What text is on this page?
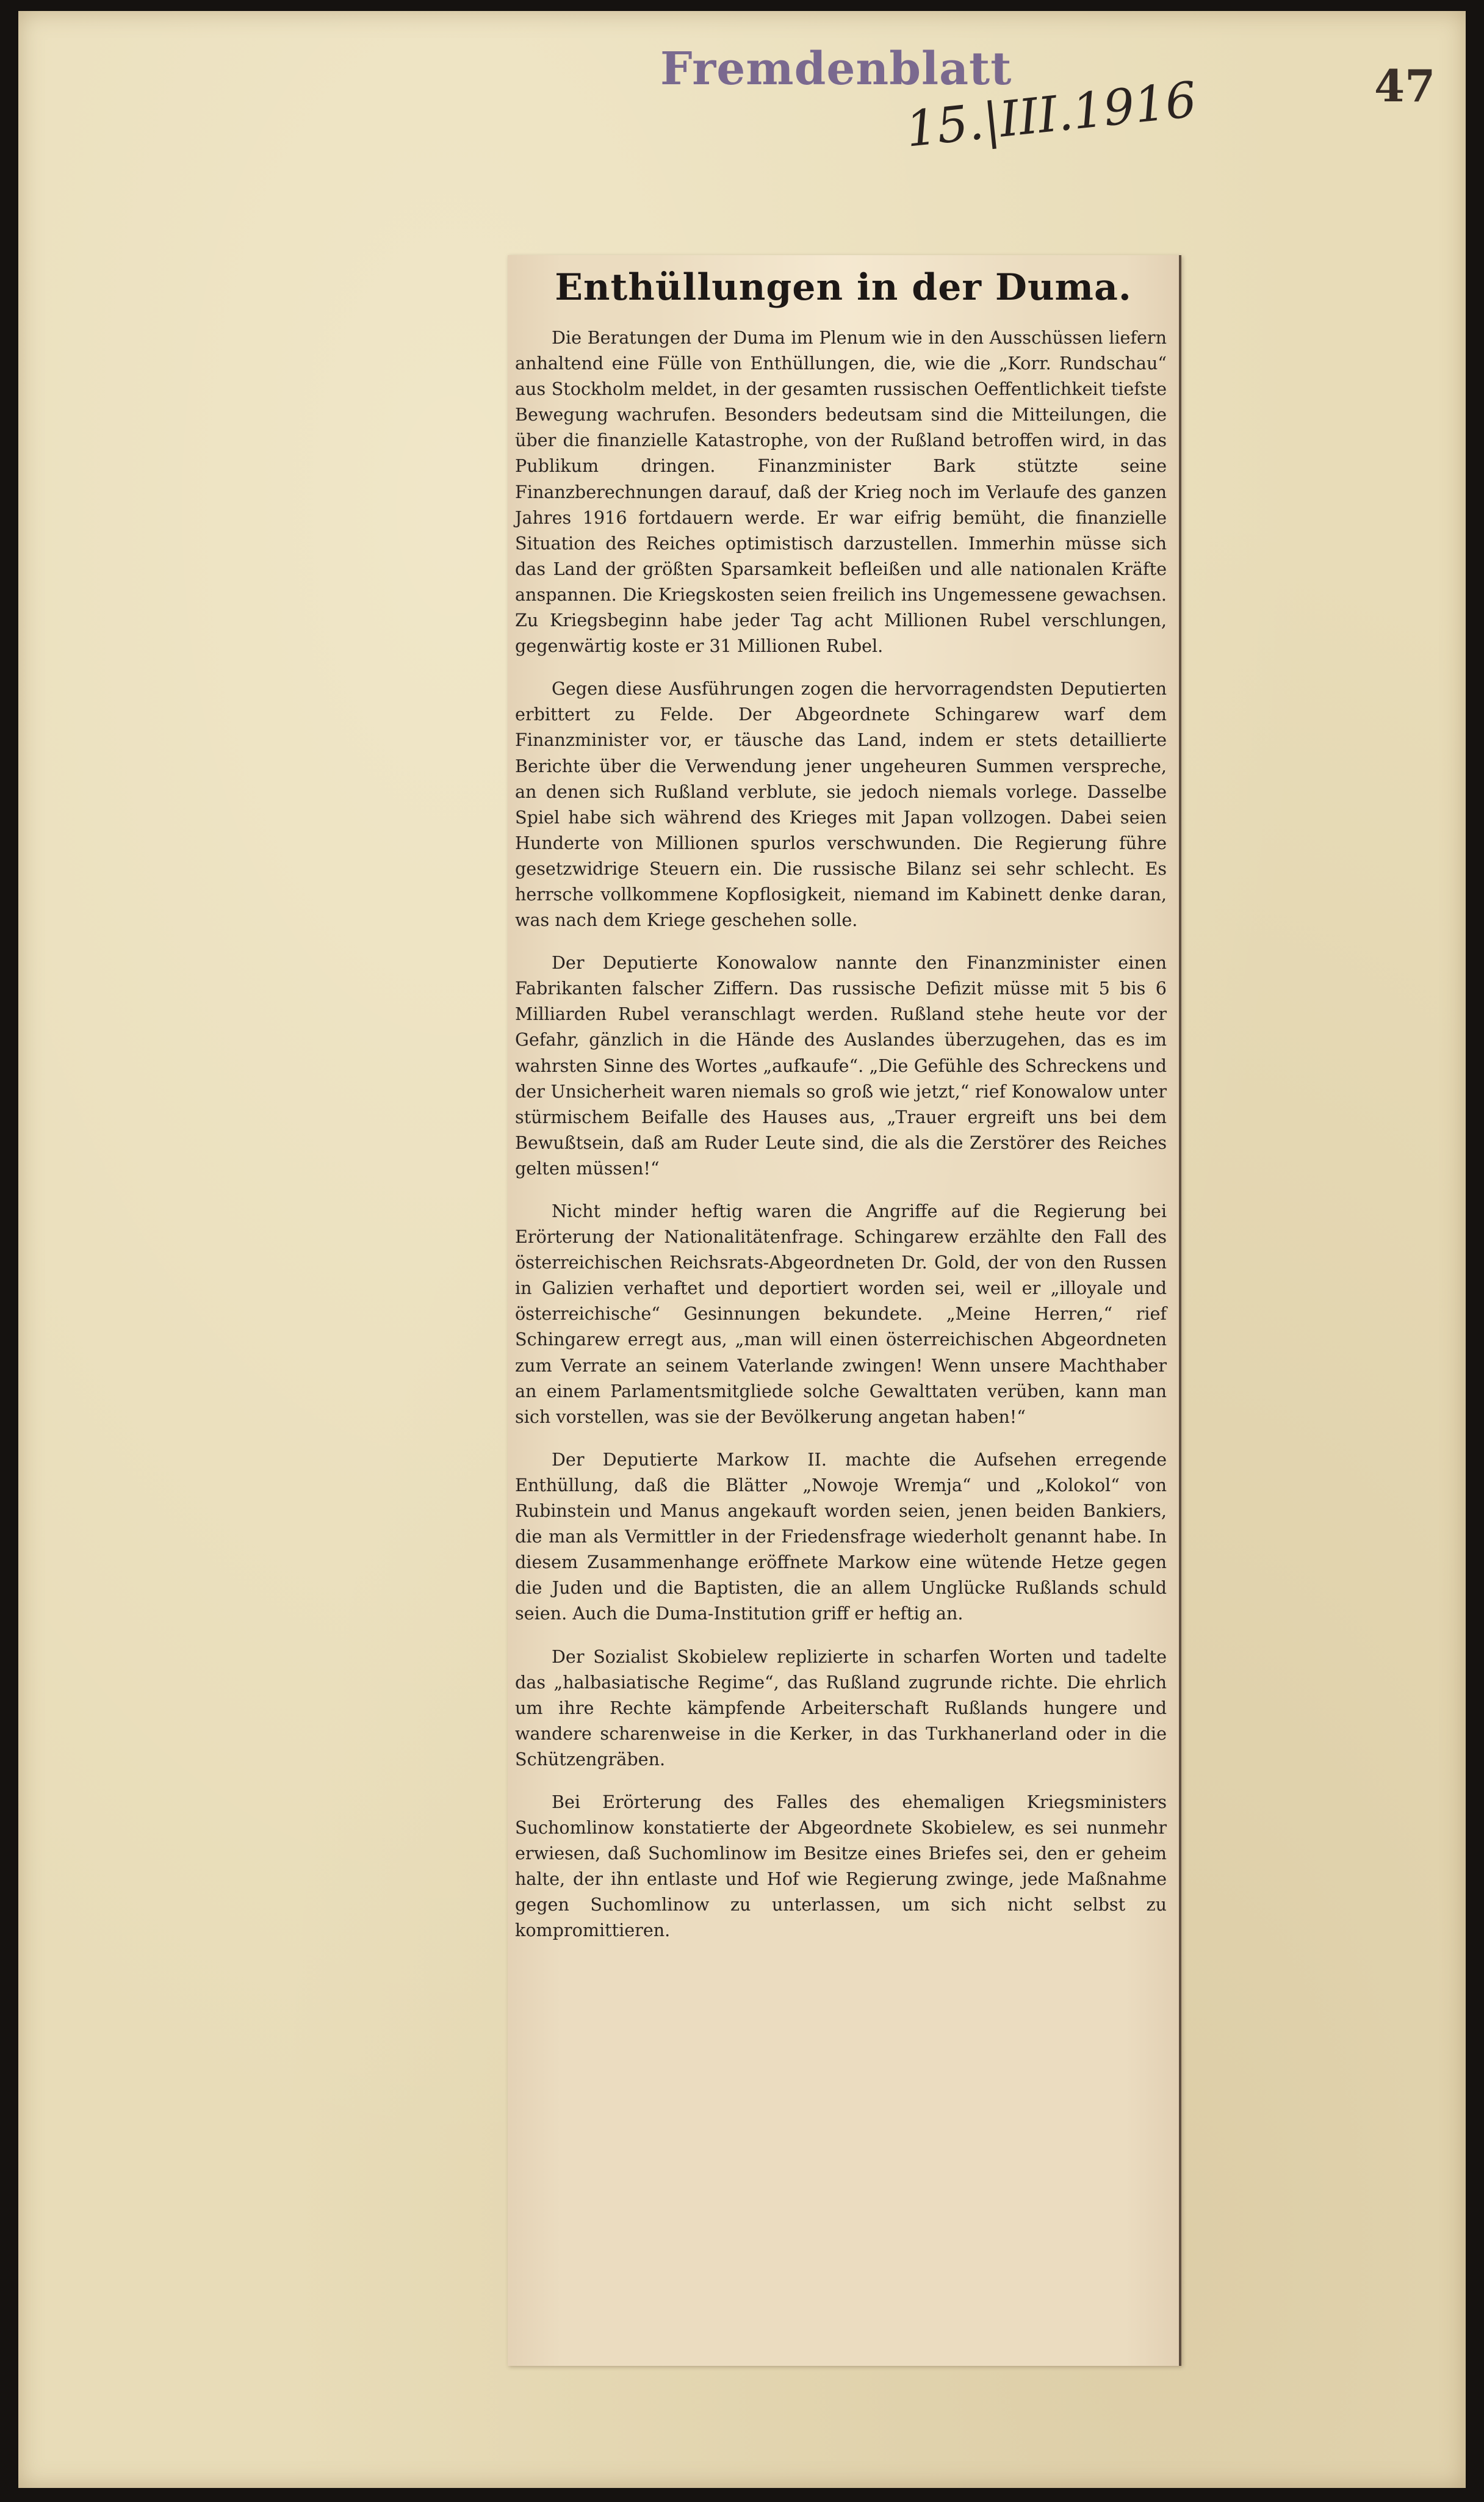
Fremdenblatt	47
15.|III.1916
Enthüllungen in der Duma.

Die Beratungen der Duma im Plenum wie in den Ausschüssen liefern anhaltend eine Fülle von Enthüllungen, die, wie die „Korr. Rundschau“ aus Stockholm meldet, in der gesamten russischen Oeffentlichkeit tiefste Bewegung wachrufen. Besonders bedeutsam sind die Mitteilungen, die über die finanzielle Katastrophe, von der Rußland betroffen wird, in das Publikum dringen. Finanzminister Bark stützte seine Finanzberechnungen darauf, daß der Krieg noch im Verlaufe des ganzen Jahres 1916 fortdauern werde. Er war eifrig bemüht, die finanzielle Situation des Reiches optimistisch darzustellen. Immerhin müsse sich das Land der größten Sparsamkeit befleißen und alle nationalen Kräfte anspannen. Die Kriegskosten seien freilich ins Ungemessene gewachsen. Zu Kriegsbeginn habe jeder Tag acht Millionen Rubel verschlungen, gegenwärtig koste er 31 Millionen Rubel.

Gegen diese Ausführungen zogen die hervorragendsten Deputierten erbittert zu Felde. Der Abgeordnete Schingarew warf dem Finanzminister vor, er täusche das Land, indem er stets detaillierte Berichte über die Verwendung jener ungeheuren Summen verspreche, an denen sich Rußland verblute, sie jedoch niemals vorlege. Dasselbe Spiel habe sich während des Krieges mit Japan vollzogen. Dabei seien Hunderte von Millionen spurlos verschwunden. Die Regierung führe gesetzwidrige Steuern ein. Die russische Bilanz sei sehr schlecht. Es herrsche vollkommene Kopflosigkeit, niemand im Kabinett denke daran, was nach dem Kriege geschehen solle.

Der Deputierte Konowalow nannte den Finanzminister einen Fabrikanten falscher Ziffern. Das russische Defizit müsse mit 5 bis 6 Milliarden Rubel veranschlagt werden. Rußland stehe heute vor der Gefahr, gänzlich in die Hände des Auslandes überzugehen, das es im wahrsten Sinne des Wortes „aufkaufe“. „Die Gefühle des Schreckens und der Unsicherheit waren niemals so groß wie jetzt,“ rief Konowalow unter stürmischem Beifalle des Hauses aus, „Trauer ergreift uns bei dem Bewußtsein, daß am Ruder Leute sind, die als die Zerstörer des Reiches gelten müssen!“

Nicht minder heftig waren die Angriffe auf die Regierung bei Erörterung der Nationalitätenfrage. Schingarew erzählte den Fall des österreichischen Reichsrats-Abgeordneten Dr. Gold, der von den Russen in Galizien verhaftet und deportiert worden sei, weil er „illoyale und österreichische“ Gesinnungen bekundete. „Meine Herren,“ rief Schingarew erregt aus, „man will einen österreichischen Abgeordneten zum Verrate an seinem Vaterlande zwingen! Wenn unsere Machthaber an einem Parlamentsmitgliede solche Gewalttaten verüben, kann man sich vorstellen, was sie der Bevölkerung angetan haben!“

Der Deputierte Markow II. machte die Aufsehen erregende Enthüllung, daß die Blätter „Nowoje Wremja“ und „Kolokol“ von Rubinstein und Manus angekauft worden seien, jenen beiden Bankiers, die man als Vermittler in der Friedensfrage wiederholt genannt habe. In diesem Zusammenhange eröffnete Markow eine wütende Hetze gegen die Juden und die Baptisten, die an allem Unglücke Rußlands schuld seien. Auch die Duma-Institution griff er heftig an.

Der Sozialist Skobielew replizierte in scharfen Worten und tadelte das „halbasiatische Regime“, das Rußland zugrunde richte. Die ehrlich um ihre Rechte kämpfende Arbeiterschaft Rußlands hungere und wandere scharenweise in die Kerker, in das Turkhanerland oder in die Schützengräben.

Bei Erörterung des Falles des ehemaligen Kriegsministers Suchomlinow konstatierte der Abgeordnete Skobielew, es sei nunmehr erwiesen, daß Suchomlinow im Besitze eines Briefes sei, den er geheim halte, der ihn entlaste und Hof wie Regierung zwinge, jede Maßnahme gegen Suchomlinow zu unterlassen, um sich nicht selbst zu kompromittieren.
